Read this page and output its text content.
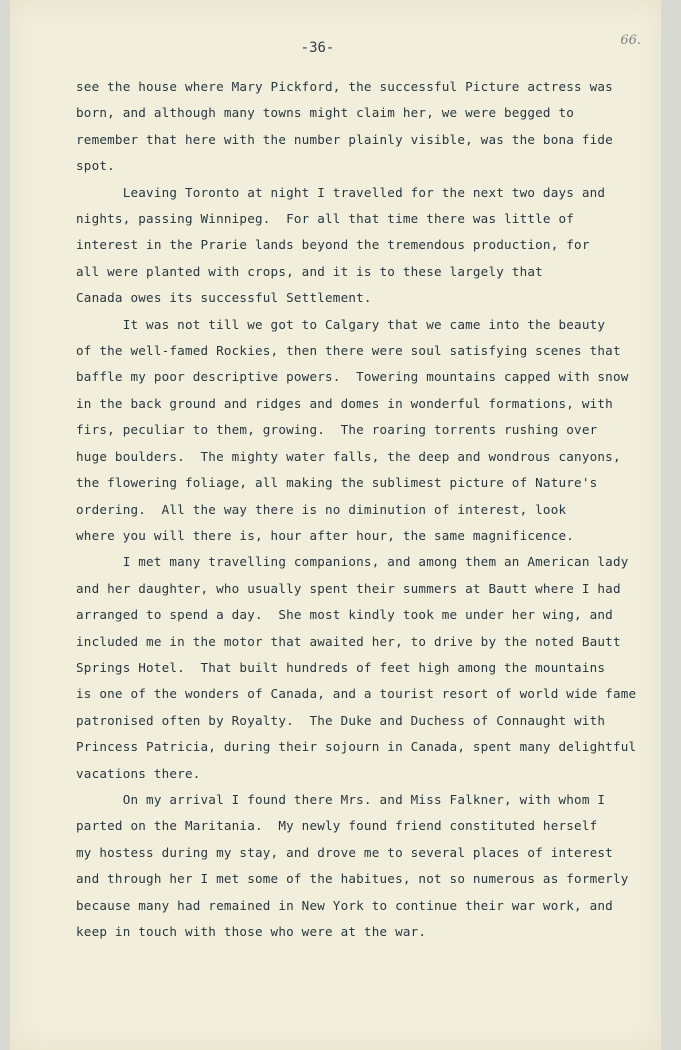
-36-	66.
see the house where Mary Pickford, the successful Picture actress was
born, and although many towns might claim her, we were begged to
remember that here with the number plainly visible, was the bona fide
spot.
Leaving Toronto at night I travelled for the next two days and
nights, passing Winnipeg.  For all that time there was little of
interest in the Prarie lands beyond the tremendous production, for
all were planted with crops, and it is to these largely that
Canada owes its successful Settlement.
It was not till we got to Calgary that we came into the beauty
of the well-famed Rockies, then there were soul satisfying scenes that
baffle my poor descriptive powers.  Towering mountains capped with snow
in the back ground and ridges and domes in wonderful formations, with
firs, peculiar to them, growing.  The roaring torrents rushing over
huge boulders.  The mighty water falls, the deep and wondrous canyons,
the flowering foliage, all making the sublimest picture of Nature's
ordering.  All the way there is no diminution of interest, look
where you will there is, hour after hour, the same magnificence.
I met many travelling companions, and among them an American lady
and her daughter, who usually spent their summers at Bautt where I had
arranged to spend a day.  She most kindly took me under her wing, and
included me in the motor that awaited her, to drive by the noted Bautt
Springs Hotel.  That built hundreds of feet high among the mountains
is one of the wonders of Canada, and a tourist resort of world wide fame
patronised often by Royalty.  The Duke and Duchess of Connaught with
Princess Patricia, during their sojourn in Canada, spent many delightful
vacations there.
On my arrival I found there Mrs. and Miss Falkner, with whom I
parted on the Maritania.  My newly found friend constituted herself
my hostess during my stay, and drove me to several places of interest
and through her I met some of the habitues, not so numerous as formerly
because many had remained in New York to continue their war work, and
keep in touch with those who were at the war.
